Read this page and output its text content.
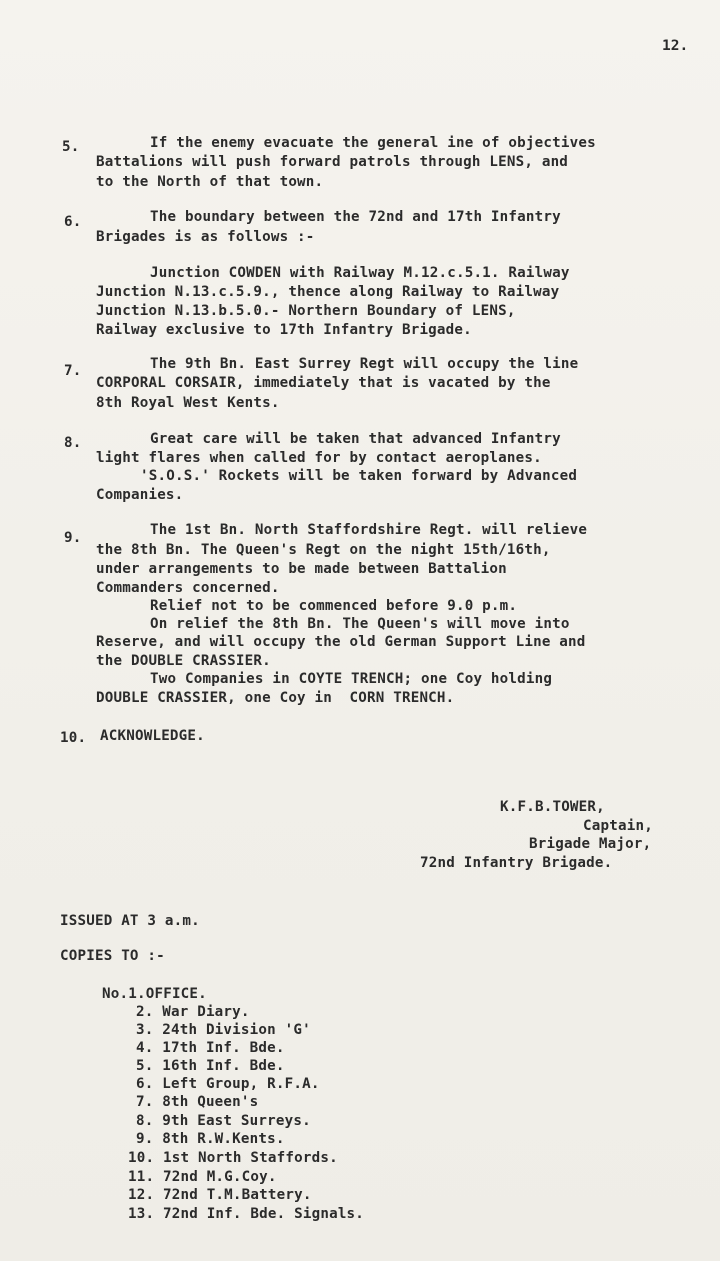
12.
5.	If the enemy evacuate the general ine of objectives
Battalions will push forward patrols through LENS, and
to the North of that town.
6.	The boundary between the 72nd and 17th Infantry
Brigades is as follows :-
Junction COWDEN with Railway M.12.c.5.1. Railway
Junction N.13.c.5.9., thence along Railway to Railway
Junction N.13.b.5.0.- Northern Boundary of LENS,
Railway exclusive to 17th Infantry Brigade.
7.	The 9th Bn. East Surrey Regt will occupy the line
CORPORAL CORSAIR, immediately that is vacated by the
8th Royal West Kents.
8.	Great care will be taken that advanced Infantry
light flares when called for by contact aeroplanes.
'S.O.S.' Rockets will be taken forward by Advanced
Companies.
9.	The 1st Bn. North Staffordshire Regt. will relieve
the 8th Bn. The Queen's Regt on the night 15th/16th,
under arrangements to be made between Battalion
Commanders concerned.
Relief not to be commenced before 9.0 p.m.
On relief the 8th Bn. The Queen's will move into
Reserve, and will occupy the old German Support Line and
the DOUBLE CRASSIER.
Two Companies in COYTE TRENCH; one Coy holding
DOUBLE CRASSIER, one Coy in  CORN TRENCH.
10. ACKNOWLEDGE.
K.F.B.TOWER,
Captain,
Brigade Major,
72nd Infantry Brigade.
ISSUED AT 3 a.m.
COPIES TO :-
No.1.OFFICE.
2. War Diary.
3. 24th Division 'G'
4. 17th Inf. Bde.
5. 16th Inf. Bde.
6. Left Group, R.F.A.
7. 8th Queen's
8. 9th East Surreys.
9. 8th R.W.Kents.
10. 1st North Staffords.
11. 72nd M.G.Coy.
12. 72nd T.M.Battery.
13. 72nd Inf. Bde. Signals.
